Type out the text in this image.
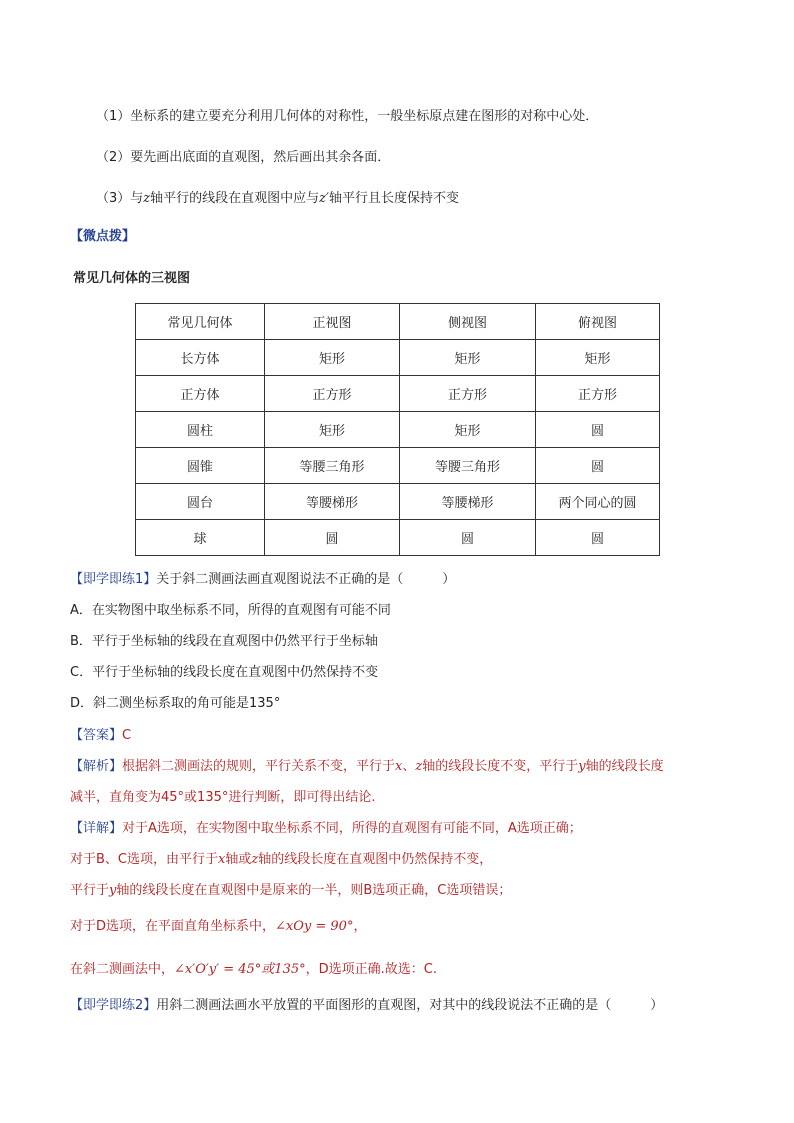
（1）坐标系的建立要充分利用几何体的对称性，一般坐标原点建在图形的对称中心处．
（2）要先画出底面的直观图，然后画出其余各面．
（3）与z轴平行的线段在直观图中应与z′轴平行且长度保持不变
【微点拨】
常见几何体的三视图
常见几何体	正视图	侧视图	俯视图
长方体	矩形	矩形	矩形
正方体	正方形	正方形	正方形
圆柱	矩形	矩形	圆
圆锥	等腰三角形	等腰三角形	圆
圆台	等腰梯形	等腰梯形	两个同心的圆
球	圆	圆	圆
【即学即练1】关于斜二测画法画直观图说法不正确的是（　　　）
A．在实物图中取坐标系不同，所得的直观图有可能不同
B．平行于坐标轴的线段在直观图中仍然平行于坐标轴
C．平行于坐标轴的线段长度在直观图中仍然保持不变
D．斜二测坐标系取的角可能是135°
【答案】C
【解析】根据斜二测画法的规则，平行关系不变，平行于x、z轴的线段长度不变，平行于y轴的线段长度
减半，直角变为45°或135°进行判断，即可得出结论.
【详解】对于A选项，在实物图中取坐标系不同，所得的直观图有可能不同，A选项正确；
对于B、C选项，由平行于x轴或z轴的线段长度在直观图中仍然保持不变，
平行于y轴的线段长度在直观图中是原来的一半，则B选项正确，C选项错误；
对于D选项，在平面直角坐标系中，∠xOy = 90°，
在斜二测画法中，∠x′O′y′ = 45°或135°，D选项正确.故选：C.
【即学即练2】用斜二测画法画水平放置的平面图形的直观图，对其中的线段说法不正确的是（　　　）
